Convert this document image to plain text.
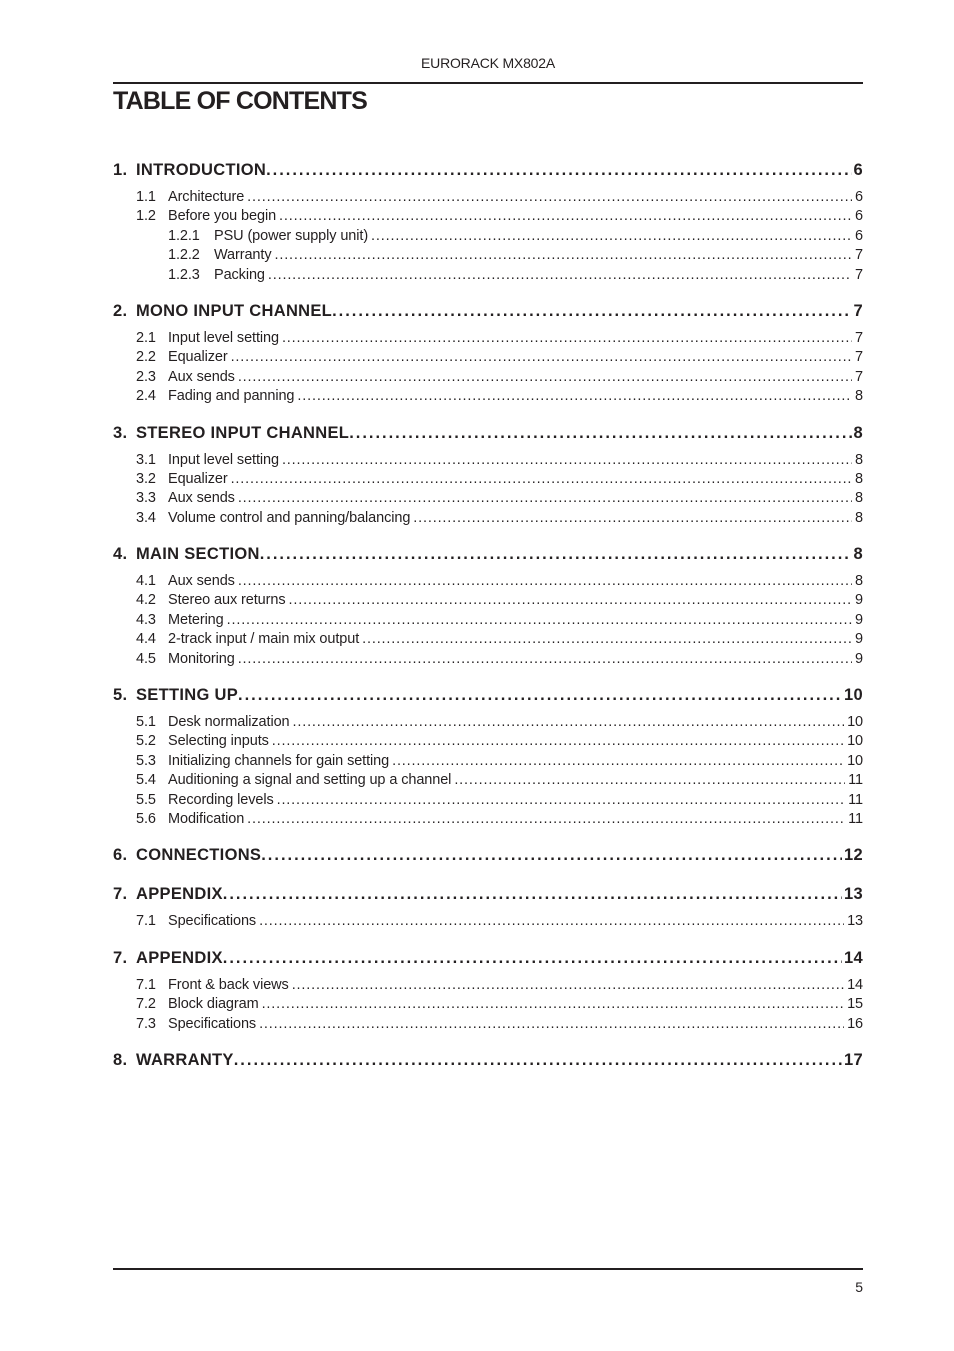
EURORACK MX802A
TABLE OF CONTENTS
1. INTRODUCTION . . .	6
1.1 Architecture . . .	6
1.2 Before you begin . . .	6
1.2.1 PSU (power supply unit) . . .	6
1.2.2 Warranty . . .	7
1.2.3 Packing . . .	7
2. MONO INPUT CHANNEL . . .	7
2.1 Input level setting . . .	7
2.2 Equalizer . . .	7
2.3 Aux sends . . .	7
2.4 Fading and panning . . .	8
3. STEREO INPUT CHANNEL . . .	8
3.1 Input level setting . . .	8
3.2 Equalizer . . .	8
3.3 Aux sends . . .	8
3.4 Volume control and panning/balancing . . .	8
4. MAIN SECTION . . .	8
4.1 Aux sends . . .	8
4.2 Stereo aux returns . . .	9
4.3 Metering . . .	9
4.4 2-track input / main mix output . . .	9
4.5 Monitoring . . .	9
5. SETTING UP . . .	10
5.1 Desk normalization . . .	10
5.2 Selecting inputs . . .	10
5.3 Initializing channels for gain setting . . .	10
5.4 Auditioning a signal and setting up a channel . . .	11
5.5 Recording levels . . .	11
5.6 Modification . . .	11
6. CONNECTIONS . . .	12
7. APPENDIX . . .	13
7.1 Specifications . . .	13
7. APPENDIX . . .	14
7.1 Front & back views . . .	14
7.2 Block diagram . . .	15
7.3 Specifications . . .	16
8. WARRANTY . . .	17
5
